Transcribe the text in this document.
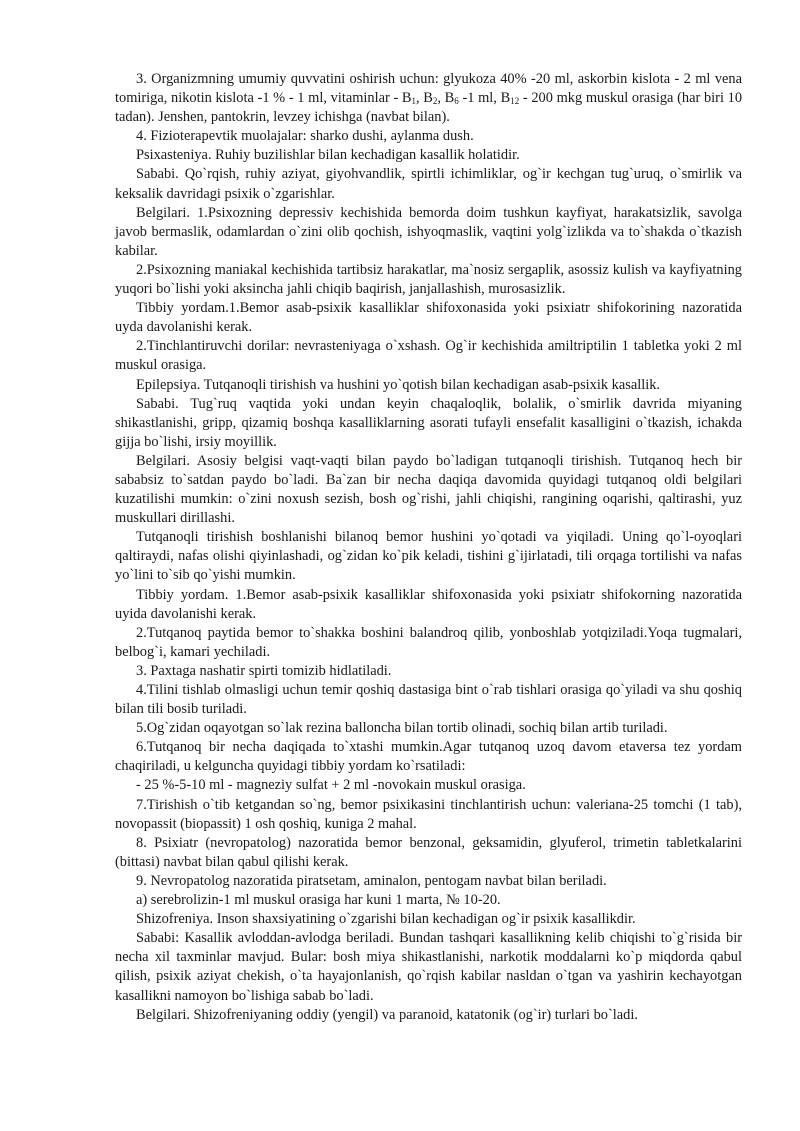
3. Organizmning umumiy quvvatini oshirish uchun: glyukoza 40% -20 ml, askorbin kislota - 2 ml vena tomiriga, nikotin kislota -1 % - 1 ml, vitaminlar - $B_1$, $B_2$, $B_6$ -1 ml, $B_{12} - 200$ mkg muskul orasiga (har biri 10 tadan). Jenshen, pantokrin, levzey ichishga (navbat bilan).

4. Fizioterapevtik muolajalar: sharko dushi, aylanma dush.

Psixasteniya. Ruhiy buzilishlar bilan kechadigan kasallik holatidir.

Sababi. Qo`rqish, ruhiy aziyat, giyohvandlik, spirtli ichimliklar, og`ir kechgan tug`uruq, o`smirlik va keksalik davridagi psixik o`zgarishlar.

Belgilari. 1.Psixozning depressiv kechishida bemorda doim tushkun kayfiyat, harakatsizlik, savolga javob bermaslik, odamlardan o`zini olib qochish, ishyoqmaslik, vaqtini yolg`izlikda va to`shakda o`tkazish kabilar.

2.Psixozning maniakal kechishida tartibsiz harakatlar, ma`nosiz sergaplik, asossiz kulish va kayfiyatning yuqori bo`lishi yoki aksincha jahli chiqib baqirish, janjallashish, murosasizlik.

Tibbiy yordam.1.Bemor asab-psixik kasalliklar shifoxonasida yoki psixiatr shifokorining nazoratida uyda davolanishi kerak.

2.Tinchlantiruvchi dorilar: nevrasteniyaga o`xshash. Og`ir kechishida amiltriptilin 1 tabletka yoki 2 ml muskul orasiga.

Epilepsiya. Tutqanoqli tirishish va hushini yo`qotish bilan kechadigan asab-psixik kasallik.

Sababi. Tug`ruq vaqtida yoki undan keyin chaqaloqlik, bolalik, o`smirlik davrida miyaning shikastlanishi, gripp, qizamiq boshqa kasalliklarning asorati tufayli ensefalit kasalligini o`tkazish, ichakda gijja bo`lishi, irsiy moyillik.

Belgilari. Asosiy belgisi vaqt-vaqti bilan paydo bo`ladigan tutqanoqli tirishish. Tutqanoq hech bir sababsiz to`satdan paydo bo`ladi. Ba`zan bir necha daqiqa davomida quyidagi tutqanoq oldi belgilari kuzatilishi mumkin: o`zini noxush sezish, bosh og`rishi, jahli chiqishi, rangining oqarishi, qaltirashi, yuz muskullari dirillashi.

Tutqanoqli tirishish boshlanishi bilanoq bemor hushini yo`qotadi va yiqiladi. Uning qo`l-oyoqlari qaltiraydi, nafas olishi qiyinlashadi, og`zidan ko`pik keladi, tishini g`ijirlatadi, tili orqaga tortilishi va nafas yo`lini to`sib qo`yishi mumkin.

Tibbiy yordam. 1.Bemor asab-psixik kasalliklar shifoxonasida yoki psixiatr shifokorning nazoratida uyida davolanishi kerak.

2.Tutqanoq paytida bemor to`shakka boshini balandroq qilib, yonboshlab yotqiziladi.Yoqa tugmalari, belbog`i, kamari yechiladi.

3. Paxtaga nashatir spirti tomizib hidlatiladi.

4.Tilini tishlab olmasligi uchun temir qoshiq dastasiga bint o`rab tishlari orasiga qo`yiladi va shu qoshiq bilan tili bosib turiladi.

5.Og`zidan oqayotgan so`lak rezina ballonchа bilan tortib olinadi, sochiq bilan artib turiladi.

6.Tutqanoq bir necha daqiqada to`xtashi mumkin.Agar tutqanoq uzoq davom etaversa tez yordam chaqiriladi, u kelguncha quyidagi tibbiy yordam ko`rsatiladi:

- 25 %-5-10 ml - magneziy sulfat + 2 ml -novokain muskul orasiga.

7.Tirishish o`tib ketgandan so`ng, bemor psixikasini tinchlantirish uchun: valeriana-25 tomchi (1 tab), novopassit (biopassit) 1 osh qoshiq, kuniga 2 mahal.

8. Psixiatr (nevropatolog) nazoratida bemor benzonal, geksamidin, glyuferol, trimetin tabletkalarini (bittasi) navbat bilan qabul qilishi kerak.

9. Nevropatolog nazoratida piratsetam, aminalon, pentogam navbat bilan beriladi.

a) serebrolizin-1 ml muskul orasiga har kuni 1 marta, № 10-20.

Shizofreniya. Inson shaxsiyatining o`zgarishi bilan kechadigan og`ir psixik kasallikdir.

Sababi: Kasallik avloddan-avlodga beriladi. Bundan tashqari kasallikning kelib chiqishi to`g`risida bir necha xil taxminlar mavjud. Bular: bosh miya shikastlanishi, narkotik moddalarni ko`p miqdorda qabul qilish, psixik aziyat chekish, o`ta hayajonlanish, qo`rqish kabilar nasldan o`tgan va yashirin kechayotgan kasallikni namoyon bo`lishiga sabab bo`ladi.

Belgilari. Shizofreniyaning oddiy (yengil) va paranoid, katatonik (og`ir) turlari bo`ladi.
